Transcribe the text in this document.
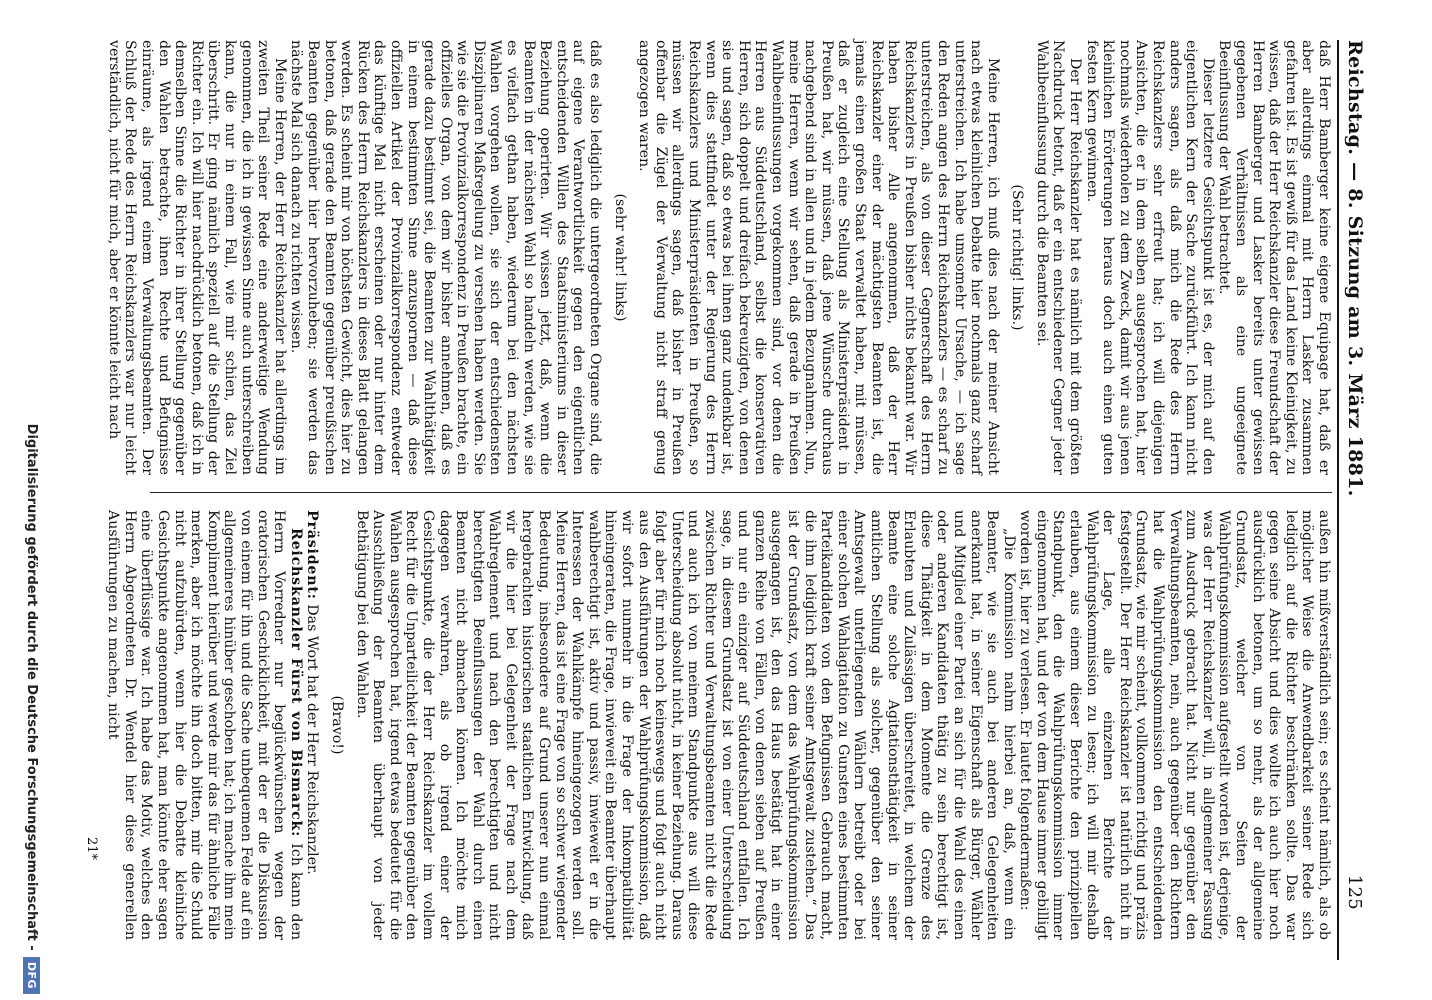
Reichstag. — 8. Sitzung am 3. März 1881.
125

daß Herr Bamberger keine eigene Equipage hat, daß er aber allerdings einmal mit Herrn Lasker zusammen gefahren ist. Es ist gewiß für das Land keine Kleinigkeit, zu wissen, daß der Herr Reichskanzler diese Freundschaft der Herren Bamberger und Lasker bereits unter gewissen gegebenen Verhältnissen als eine ungeeignete Beeinflussung der Wahl betrachtet.

Dieser letztere Gesichtspunkt ist es, der mich auf den eigentlichen Kern der Sache zurückführt. Ich kann nicht anders sagen, als daß mich die Rede des Herrn Reichskanzlers sehr erfreut hat; ich will diejenigen Ansichten, die er in dem selben ausgesprochen hat, hier nochmals wiederholen zu dem Zweck, damit wir aus jenen kleinlichen Erörterungen heraus doch auch einen guten festen Kern gewinnen.

Der Herr Reichskanzler hat es nämlich mit dem größten Nachdruck betont, daß er ein entschiedener Gegner jeder Wahlbeeinflussung durch die Beamten sei.

(Sehr richtig! links.)

Meine Herren, ich muß dies nach der meiner Ansicht nach etwas kleinlichen Debatte hier nochmals ganz scharf unterstreichen. Ich habe umsomehr Ursache, — ich sage den Reden angen des Herrn Reichskanzlers — es scharf zu unterstreichen, als von dieser Gegnerschaft des Herrn Reichskanzlers in Preußen bisher nichts bekannt war. Wir haben bisher Alle angenommen, daß der Herr Reichskanzler einer der mächtigsten Beamten ist, die jemals einen großen Staat verwaltet haben, mit müssen, daß er zugleich eine Stellung als Ministerpräsident in Preußen hat, wir müssen, daß jene Wünsche durchaus nachgebend sind in allen und in jedem Bezugnahmen. Nun, meine Herren, wenn wir sehen, daß gerade in Preußen Wahlbeeinflussungen vorgekommen sind, vor denen die Herren aus Süddeutschland, selbst die konservativen Herren, sich doppelt und dreifach bekreuzigten, von denen sie und sagen, daß so etwas bei ihnen ganz undenkbar ist, wenn dies stattfindet unter der Regierung des Herrn Reichskanzlers und Ministerpräsidenten in Preußen, so müssen wir allerdings sagen, daß bisher in Preußen offenbar die Zügel der Verwaltung nicht straff genug angezogen waren.

(sehr wahr! links)

daß es also lediglich die untergeordneten Organe sind, die auf eigene Verantwortlichkeit gegen den eigentlichen entscheidenden Willen des Staatsministeriums in dieser Beziehung operirten. Wir wissen jetzt, daß, wenn die Beamten in der nächsten Wahl so handeln werden, wie sie es vielfach gethan haben, wiederum bei den nächsten Wahlen vorgehen wollen, sie sich der entschiedensten Disziplinaren Maßregelung zu versehen haben werden. Sie wie sie die Provinzialkorrespondenz in Preußen brachte, ein offizielles Organ, von dem wir bisher annehmen, daß es gerade dazu bestimmt sei, die Beamten zur Wahlthätigkeit in einem bestimmten Sinne anzuspornen — daß diese offiziellen Artikel der Provinzialkorrespondenz entweder das künftige Mal nicht erscheinen oder nur hinter dem Rücken des Herrn Reichskanzlers in dieses Blatt gelangen werden. Es scheint mir von höchsten Gewicht, dies hier zu betonen, daß gerade den Beamten gegenüber preußischen Beamten gegenüber hier hervorzuheben; sie werden das nächste Mal sich danach zu richten wissen.

Meine Herren, der Herr Reichskanzler hat allerdings im zweiten Theil seiner Rede eine anderweitige Wendung genommen, die ich in gewissen Sinne auch unterschreiben kann, die nur in einem Fall, wie mir schien, das Ziel überschritt. Er ging nämlich speziell auf die Stellung der Richter ein. Ich will hier nachdrücklich betonen, daß ich in demselben Sinne die Richter in ihrer Stellung gegenüber den Wahlen betrachte, ihnen Rechte und Befugnisse einräume, als irgend einem Verwaltungsbeamten. Der Schluß der Rede des Herrn Reichskanzlers war nur leicht verständlich, nicht für mich, aber er könnte leicht nach

außen hin mißverständlich sein; es scheint nämlich, als ob möglicher Weise die Anwendbarkeit seiner Rede sich lediglich auf die Richter beschränken sollte. Das war gegen seine Absicht und dies wollte ich auch hier noch ausdrücklich betonen, um so mehr, als der allgemeine Grundsatz, welcher von Seiten der Wahlprüfungskommission aufgestellt worden ist, derjenige, was der Herr Reichskanzler will, in allgemeiner Fassung zum Ausdruck gebracht hat. Nicht nur gegenüber den Verwaltungsbeamten, nein, auch gegenüber den Richtern hat die Wahlprüfungskommission den entscheidenden Grundsatz, wie mir scheint, vollkommen richtig und präzis festgestellt. Der Herr Reichskanzler ist natürlich nicht in der Lage, alle einzelnen Berichte der Wahlprüfungskommission zu lesen; ich will mir deshalb erlauben, aus einem dieser Berichte den prinzipiellen Standpunkt, den die Wahlprüfungskommission immer eingenommen hat, und der von dem Hause immer gebilligt worden ist, hier zu verlesen. Er lautet folgendermaßen:

„Die Kommission nahm hierbei an, daß, wenn ein Beamter, wie sie auch bei anderen Gelegenheiten anerkannt hat, in seiner Eigenschaft als Bürger, Wähler und Mitglied einer Partei an sich für die Wahl des einen oder anderen Kandidaten thätig zu sein berechtigt ist, diese Thätigkeit in dem Momente die Grenze des Erlaubten und Zulässigen überschreitet, in welchem der Beamte eine solche Agitationsthätigkeit in seiner amtlichen Stellung als solcher, gegenüber den seiner Amtsgewalt unterliegenden Wählern betreibt oder bei einer solchen Wahlagitation zu Gunsten eines bestimmten Parteikandidaten von den Befugnissen Gebrauch macht, die ihm lediglich kraft seiner Amtsgewalt zustehen.“ Das ist der Grundsatz, von dem das Wahlprüfungskommission ausgegangen ist, den das Haus bestätigt hat in einer ganzen Reihe von Fällen, von denen sieben auf Preußen und nur ein einziger auf Süddeutschland entfallen. Ich sage, in diesem Grundsatz ist von einer Unterscheidung zwischen Richter und Verwaltungsbeamten nicht die Rede und auch ich von meinem Standpunkte aus will diese Unterscheidung absolut nicht, in keiner Beziehung. Daraus folgt aber für mich noch keineswegs und folgt auch nicht aus den Ausführungen der Wahlprüfungskommission, daß wir sofort nunmehr in die Frage der Inkompatibilität hineingeraten, die Frage, inwieweit ein Beamter überhaupt wahlberechtigt ist, aktiv und passiv, inwieweit er in die Interessen der Wahlkämpfe hineingezogen werden soll. Meine Herren, das ist eine Frage von so schwer wiegender Bedeutung, insbesondere auf Grund unserer nun einmal hergebrachten historischen staatlichen Entwicklung, daß wir die hier bei Gelegenheit der Frage nach dem Wahlreglement und nach den berechtigten und nicht berechtigten Beeinflussungen der Wahl durch einen Beamten nicht abmachen können. Ich möchte mich dagegen verwahren, als ob irgend einer der Gesichtspunkte, die der Herr Reichskanzler im vollem Recht für die Unparteilichkeit der Beamten gegenüber den Wahlen ausgesprochen hat, irgend etwas bedeutet für die Ausschließung der Beamten überhaupt von jeder Bethätigung bei den Wahlen.

(Bravo!)

Präsident: Das Wort hat der Herr Reichskanzler.

Reichskanzler Fürst von Bismarck: Ich kann den Herrn Vorredner nur beglückwünschen wegen der oratorischen Geschicklichkeit, mit der er die Diskussion von einem für ihn und die Sache unbequemen Felde auf ein allgemeineres hinüber geschoben hat; ich mache ihm mein Kompliment hierüber und werde mir das für ähnliche Fälle merken, aber ich möchte ihn doch bitten, mir die Schuld nicht aufzubürden, wenn hier die Debatte kleinliche Gesichtspunkte angenommen hat, man könnte eher sagen eine überflüssige war. Ich habe das Motiv, welches den Herrn Abgeordneten Dr. Wendel hier diese generellen Ausführungen zu machen, nicht

21*
Digitalisierung gefördert durch die Deutsche Forschungsgemeinschaft -
DFG
